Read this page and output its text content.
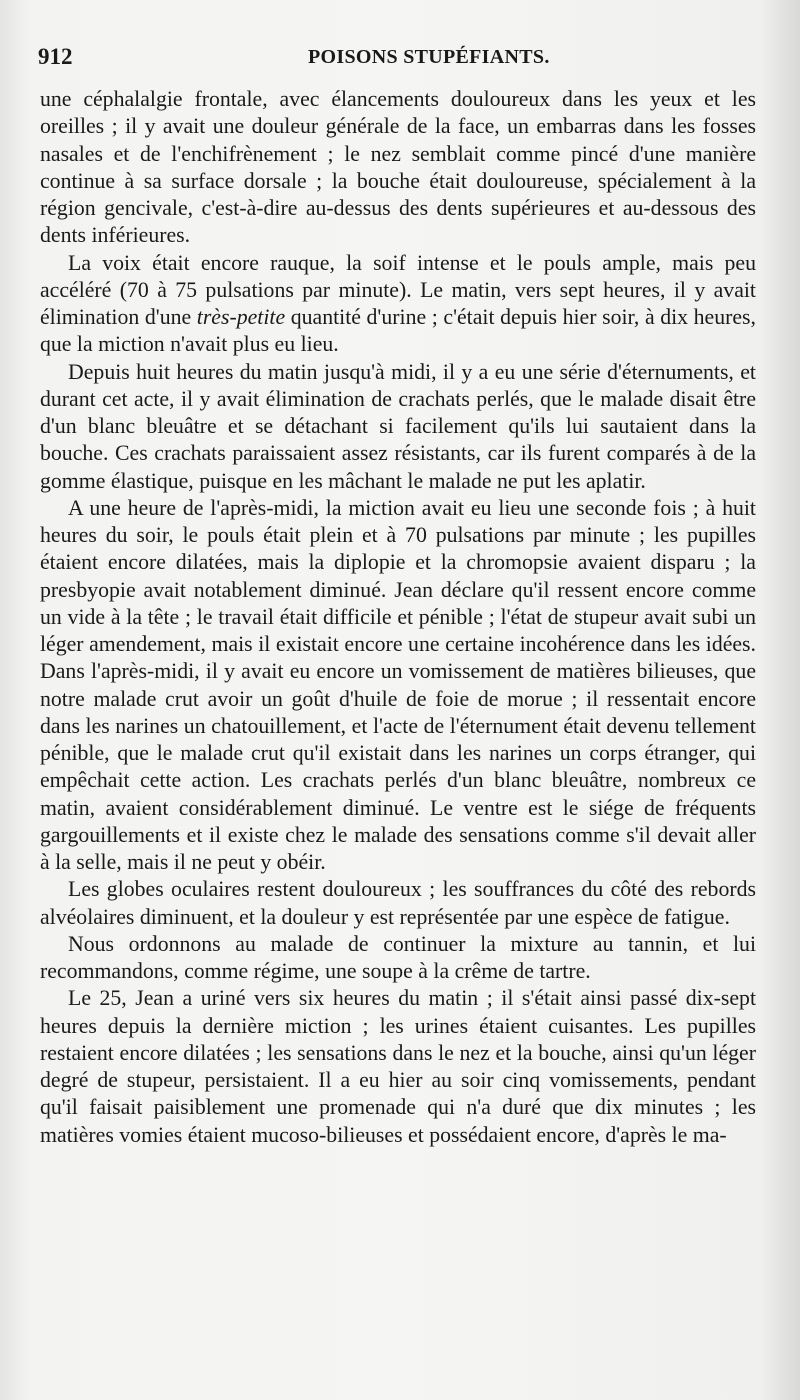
912	POISONS STUPÉFIANTS.

une céphalalgie frontale, avec élancements douloureux dans les yeux et les oreilles ; il y avait une douleur générale de la face, un embarras dans les fosses nasales et de l'enchifrènement ; le nez semblait comme pincé d'une manière continue à sa surface dorsale ; la bouche était douloureuse, spécialement à la région gencivale, c'est-à-dire au-dessus des dents supérieures et au-dessous des dents inférieures.

La voix était encore rauque, la soif intense et le pouls ample, mais peu accéléré (70 à 75 pulsations par minute). Le matin, vers sept heures, il y avait élimination d'une très-petite quantité d'urine ; c'était depuis hier soir, à dix heures, que la miction n'avait plus eu lieu.

Depuis huit heures du matin jusqu'à midi, il y a eu une série d'éternuments, et durant cet acte, il y avait élimination de crachats perlés, que le malade disait être d'un blanc bleuâtre et se détachant si facilement qu'ils lui sautaient dans la bouche. Ces crachats paraissaient assez résistants, car ils furent comparés à de la gomme élastique, puisque en les mâchant le malade ne put les aplatir.

A une heure de l'après-midi, la miction avait eu lieu une seconde fois ; à huit heures du soir, le pouls était plein et à 70 pulsations par minute ; les pupilles étaient encore dilatées, mais la diplopie et la chromopsie avaient disparu ; la presbyopie avait notablement diminué. Jean déclare qu'il ressent encore comme un vide à la tête ; le travail était difficile et pénible ; l'état de stupeur avait subi un léger amendement, mais il existait encore une certaine incohérence dans les idées. Dans l'après-midi, il y avait eu encore un vomissement de matières bilieuses, que notre malade crut avoir un goût d'huile de foie de morue ; il ressentait encore dans les narines un chatouillement, et l'acte de l'éternument était devenu tellement pénible, que le malade crut qu'il existait dans les narines un corps étranger, qui empêchait cette action. Les crachats perlés d'un blanc bleuâtre, nombreux ce matin, avaient considérablement diminué. Le ventre est le siége de fréquents gargouillements et il existe chez le malade des sensations comme s'il devait aller à la selle, mais il ne peut y obéir.

Les globes oculaires restent douloureux ; les souffrances du côté des rebords alvéolaires diminuent, et la douleur y est représentée par une espèce de fatigue.

Nous ordonnons au malade de continuer la mixture au tannin, et lui recommandons, comme régime, une soupe à la crême de tartre.

Le 25, Jean a uriné vers six heures du matin ; il s'était ainsi passé dix-sept heures depuis la dernière miction ; les urines étaient cuisantes. Les pupilles restaient encore dilatées ; les sensations dans le nez et la bouche, ainsi qu'un léger degré de stupeur, persistaient. Il a eu hier au soir cinq vomissements, pendant qu'il faisait paisiblement une promenade qui n'a duré que dix minutes ; les matières vomies étaient mucoso-bilieuses et possédaient encore, d'après le ma-
